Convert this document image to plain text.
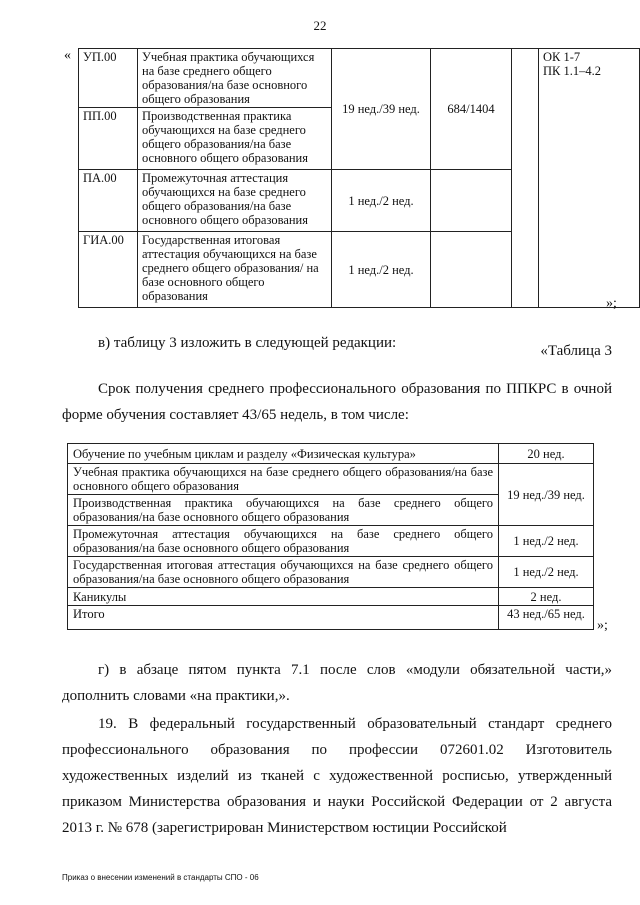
22
« УП.00	Учебная практика обучающихся на базе среднего общего образования/на базе основного общего образования	19 нед./39 нед.	684/1404		ОК 1-7
ПК 1.1–4.2

ПП.00	Производственная практика обучающихся на базе среднего общего образования/на базе основного общего образования				
ПА.00	Промежуточная аттестация обучающихся на базе среднего общего образования/на базе основного общего образования	1 нед./2 нед.			
ГИА.00	Государственная итоговая аттестация обучающихся на базе среднего общего образования/ на базе основного общего образования	1 нед./2 нед.			
»;
в) таблицу 3 изложить в следующей редакции:	«Таблица 3
Срок получения среднего профессионального образования по ППКРС в очной форме обучения составляет 43/65 недель, в том числе:
Обучение по учебным циклам и разделу «Физическая культура»	20 нед.
Учебная практика обучающихся на базе среднего общего образования/на базе основного общего образования	19 нед./39 нед.
Производственная практика обучающихся на базе среднего общего образования/на базе основного общего образования	
Промежуточная аттестация обучающихся на базе среднего общего образования/на базе основного общего образования	1 нед./2 нед.
Государственная итоговая аттестация обучающихся на базе среднего общего образования/на базе основного общего образования	1 нед./2 нед.
Каникулы	2 нед.
Итого	43 нед./65 нед.
»;
г) в абзаце пятом пункта 7.1 после слов «модули обязательной части,» дополнить словами «на практики,».
19. В федеральный государственный образовательный стандарт среднего профессионального образования по профессии 072601.02 Изготовитель художественных изделий из тканей с художественной росписью, утвержденный приказом Министерства образования и науки Российской Федерации от 2 августа 2013 г. № 678 (зарегистрирован Министерством юстиции Российской
Приказ о внесении изменений в стандарты СПО - 06
